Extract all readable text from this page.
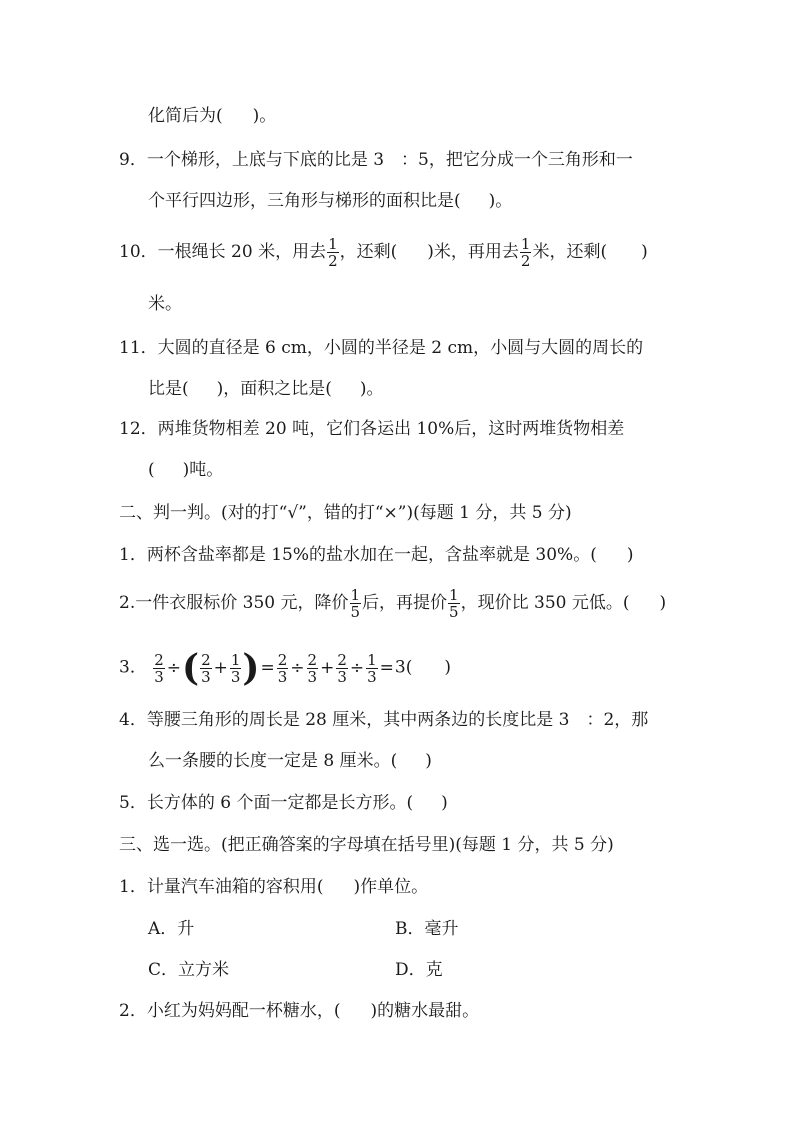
化简后为( )。
9．一个梯形，上底与下底的比是 3　：5，把它分成一个三角形和一
个平行四边形，三角形与梯形的面积比是( )。
10．一根绳长 20 米，用去 $\frac{1}{2}$ ，还剩( )米，再用去 $\frac{1}{2}$ 米，还剩( )
米。
11．大圆的直径是 6 cm，小圆的半径是 2 cm，小圆与大圆的周长的
比是( )，面积之比是( )。
12．两堆货物相差 20 吨，它们各运出 10%后，这时两堆货物相差
( )吨。
二、判一判。(对的打“√”，错的打“×”)(每题 1 分，共 5 分)
1．两杯含盐率都是 15%的盐水加在一起，含盐率就是 30%。( )
2.一件衣服标价 350 元，降价 $\frac{1}{5}$ 后，再提价 $\frac{1}{5}$ ，现价比 350 元低。( )
3． $\frac{2}{3}$ ÷( $\frac{2}{3} + \frac{1}{3}$ )= $\frac{2}{3} \div \frac{2}{3} + \frac{2}{3} \div \frac{1}{3} =3$( )
4．等腰三角形的周长是 28 厘米，其中两条边的长度比是 3　：2，那
么一条腰的长度一定是 8 厘米。( )
5．长方体的 6 个面一定都是长方形。( )
三、选一选。(把正确答案的字母填在括号里)(每题 1 分，共 5 分)
1．计量汽车油箱的容积用( )作单位。
A．升	B．毫升
C．立方米	D．克
2．小红为妈妈配一杯糖水，( )的糖水最甜。
